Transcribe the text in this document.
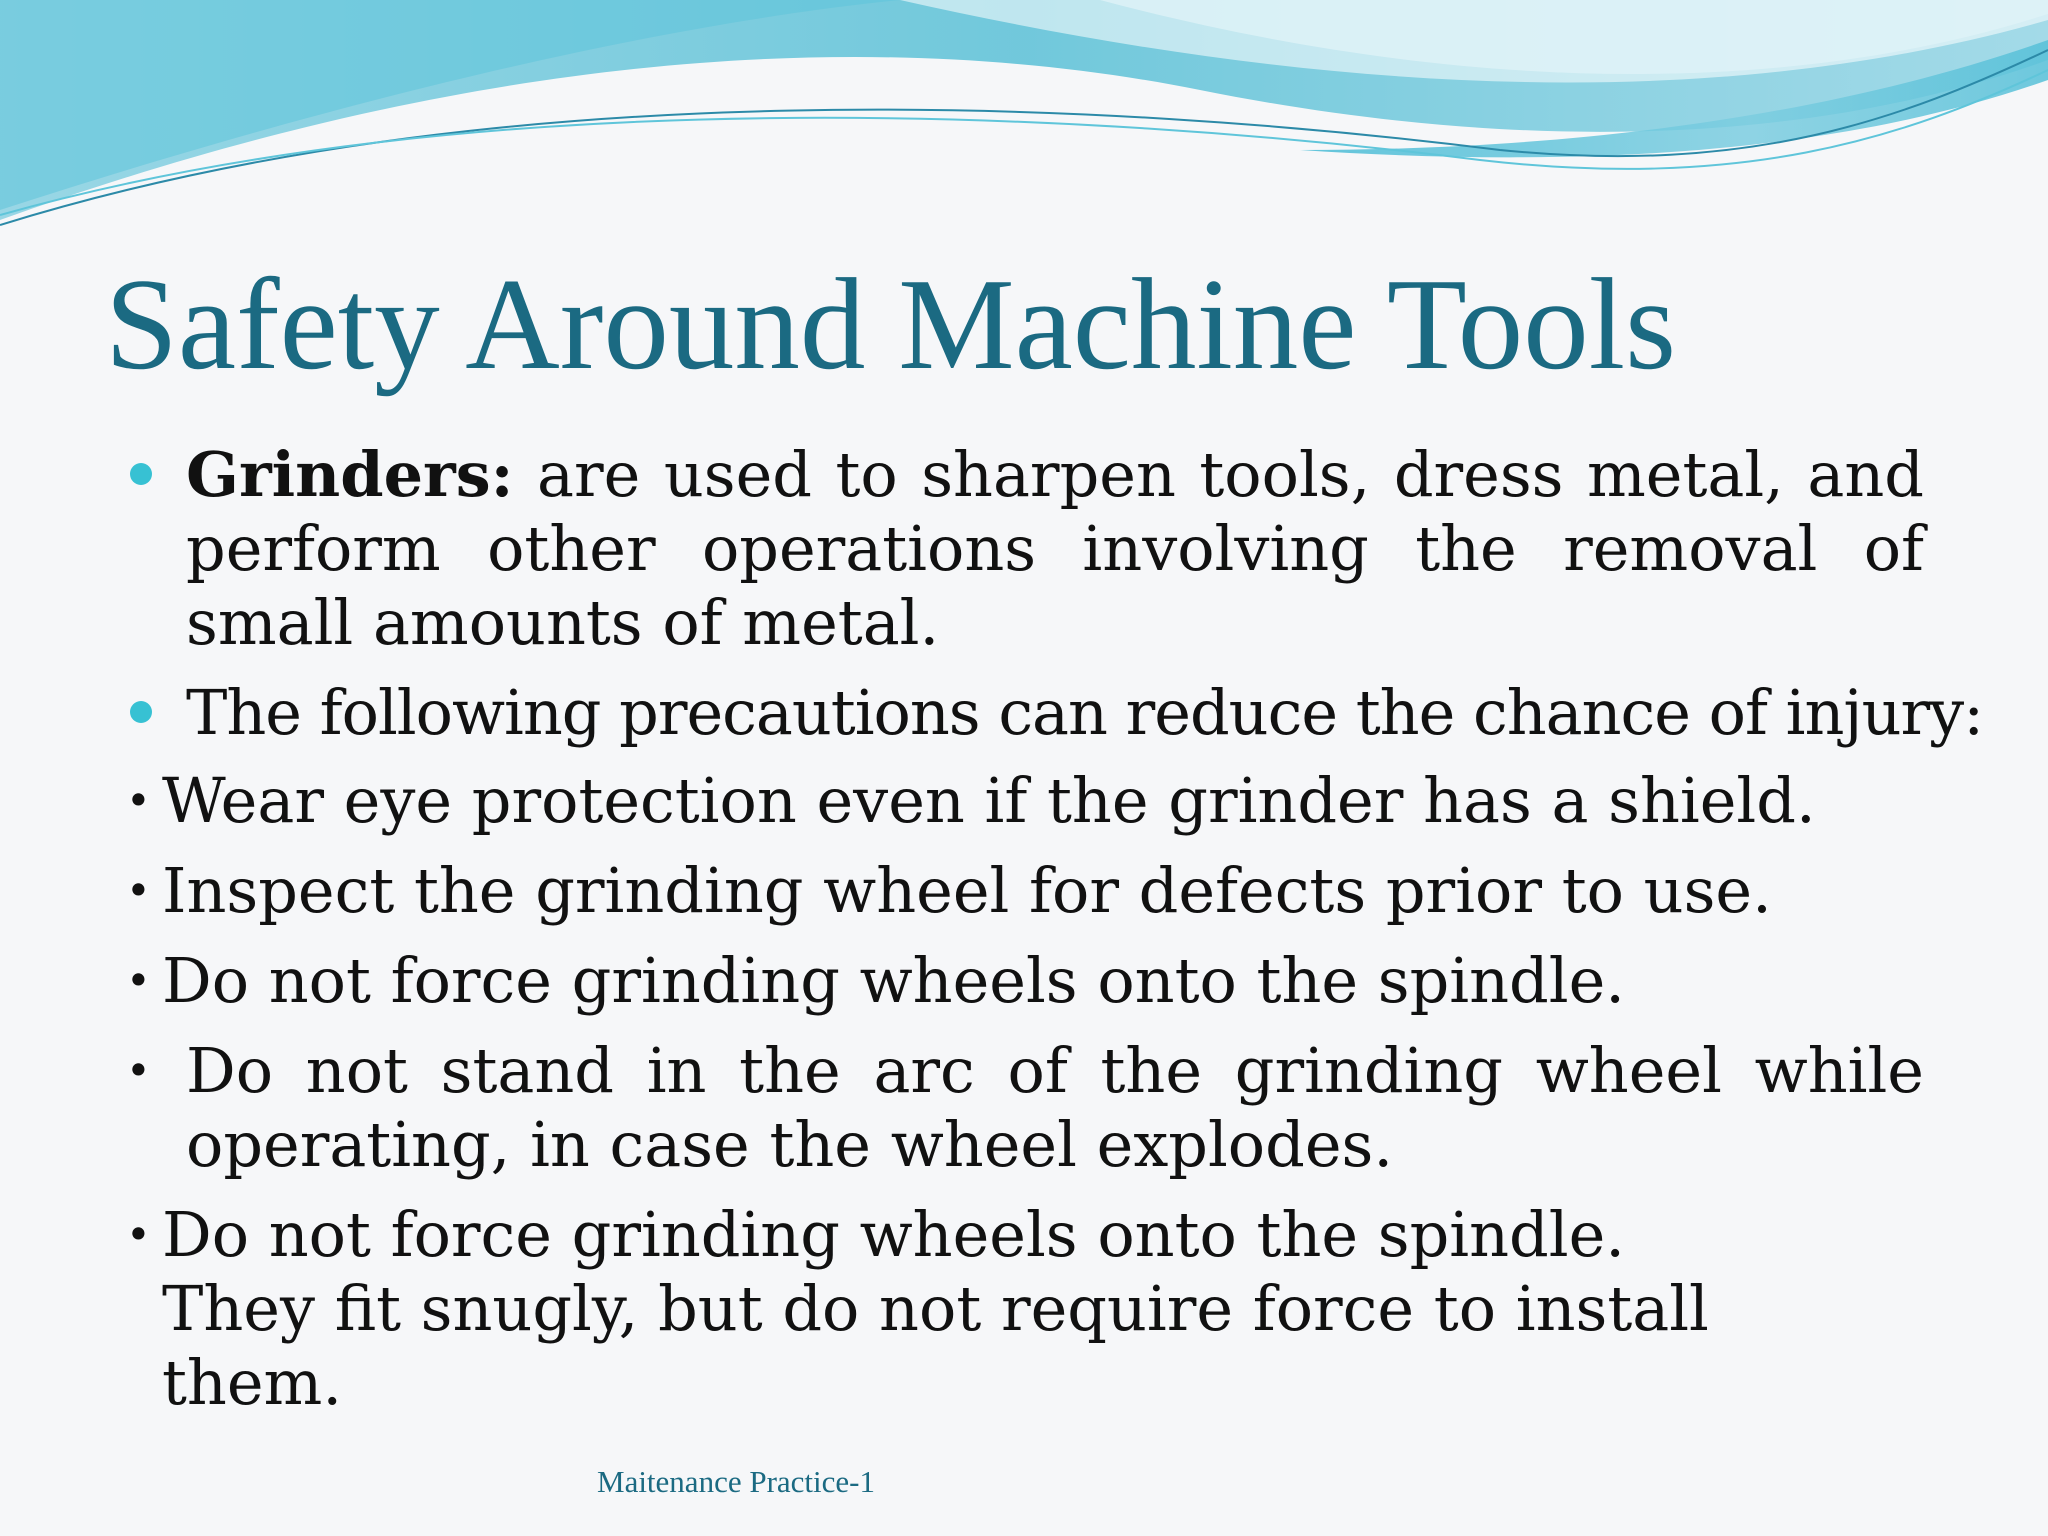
Safety Around Machine Tools
Grinders: are used to sharpen tools, dress metal, and perform other operations involving the removal of small amounts of metal.
The following precautions can reduce the chance of injury:
• Wear eye protection even if the grinder has a shield.
• Inspect the grinding wheel for defects prior to use.
• Do not force grinding wheels onto the spindle.
• Do not stand in the arc of the grinding wheel while operating, in case the wheel explodes.
• Do not force grinding wheels onto the spindle. They fit snugly, but do not require force to install them.
Maitenance Practice-1
